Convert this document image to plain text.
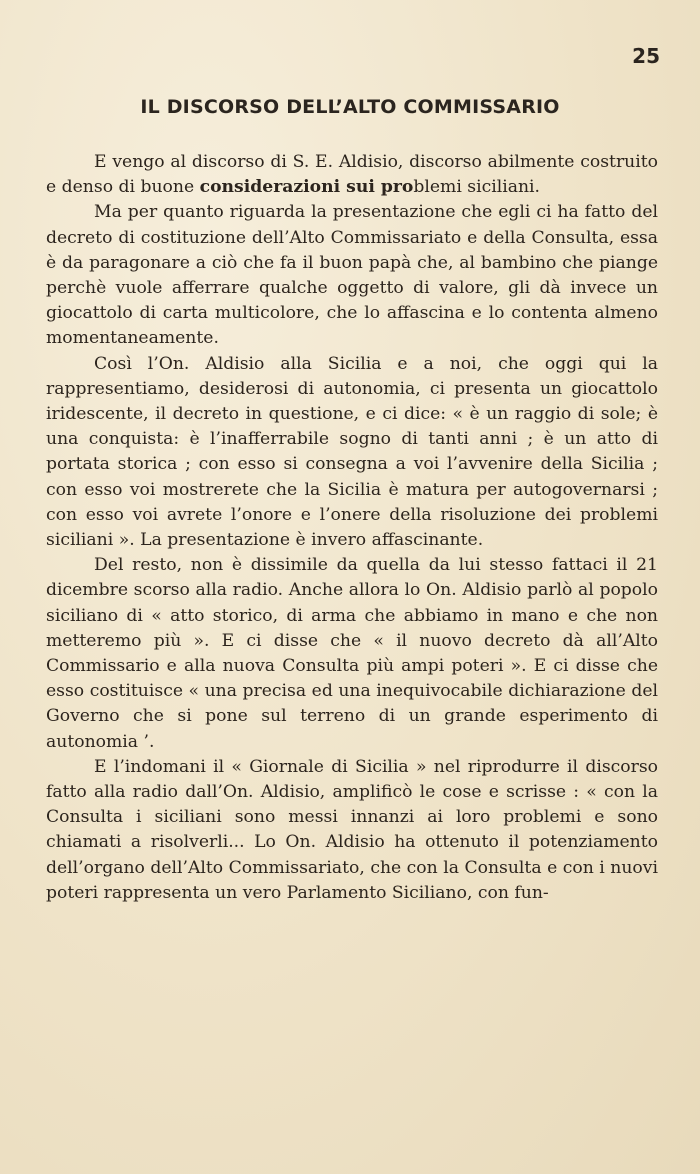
25
IL DISCORSO DELL’ALTO COMMISSARIO

E vengo al discorso di S. E. Aldisio, discorso abilmente costruito e denso di buone considerazioni sui problemi siciliani.

Ma per quanto riguarda la presentazione che egli ci ha fatto del decreto di costituzione dell’Alto Commissariato e della Consulta, essa è da paragonare a ciò che fa il buon papà che, al bambino che piange perchè vuole afferrare qualche oggetto di valore, gli dà invece un giocattolo di carta multicolore, che lo affascina e lo contenta almeno momentaneamente.

Così l’On. Aldisio alla Sicilia e a noi, che oggi qui la rappresentiamo, desiderosi di autonomia, ci presenta un giocattolo iridescente, il decreto in questione, e ci dice: « è un raggio di sole; è una conquista: è l’inafferrabile sogno di tanti anni ; è un atto di portata storica ; con esso si consegna a voi l’avvenire della Sicilia ; con esso voi mostrerete che la Sicilia è matura per autogovernarsi ; con esso voi avrete l’onore e l’onere della risoluzione dei problemi siciliani ». La presentazione è invero affascinante.

Del resto, non è dissimile da quella da lui stesso fattaci il 21 dicembre scorso alla radio. Anche allora lo On. Aldisio parlò al popolo siciliano di « atto storico, di arma che abbiamo in mano e che non metteremo più ». E ci disse che « il nuovo decreto dà all’Alto Commissario e alla nuova Consulta più ampi poteri ». E ci disse che esso costituisce « una precisa ed una inequivocabile dichiarazione del Governo che si pone sul terreno di un grande esperimento di autonomia ’.

E l’indomani il « Giornale di Sicilia » nel riprodurre il discorso fatto alla radio dall’On. Aldisio, amplificò le cose e scrisse : « con la Consulta i siciliani sono messi innanzi ai loro problemi e sono chiamati a risolverli... Lo On. Aldisio ha ottenuto il potenziamento dell’organo dell’Alto Commissariato, che con la Consulta e con i nuovi poteri rappresenta un vero Parlamento Siciliano, con fun-
